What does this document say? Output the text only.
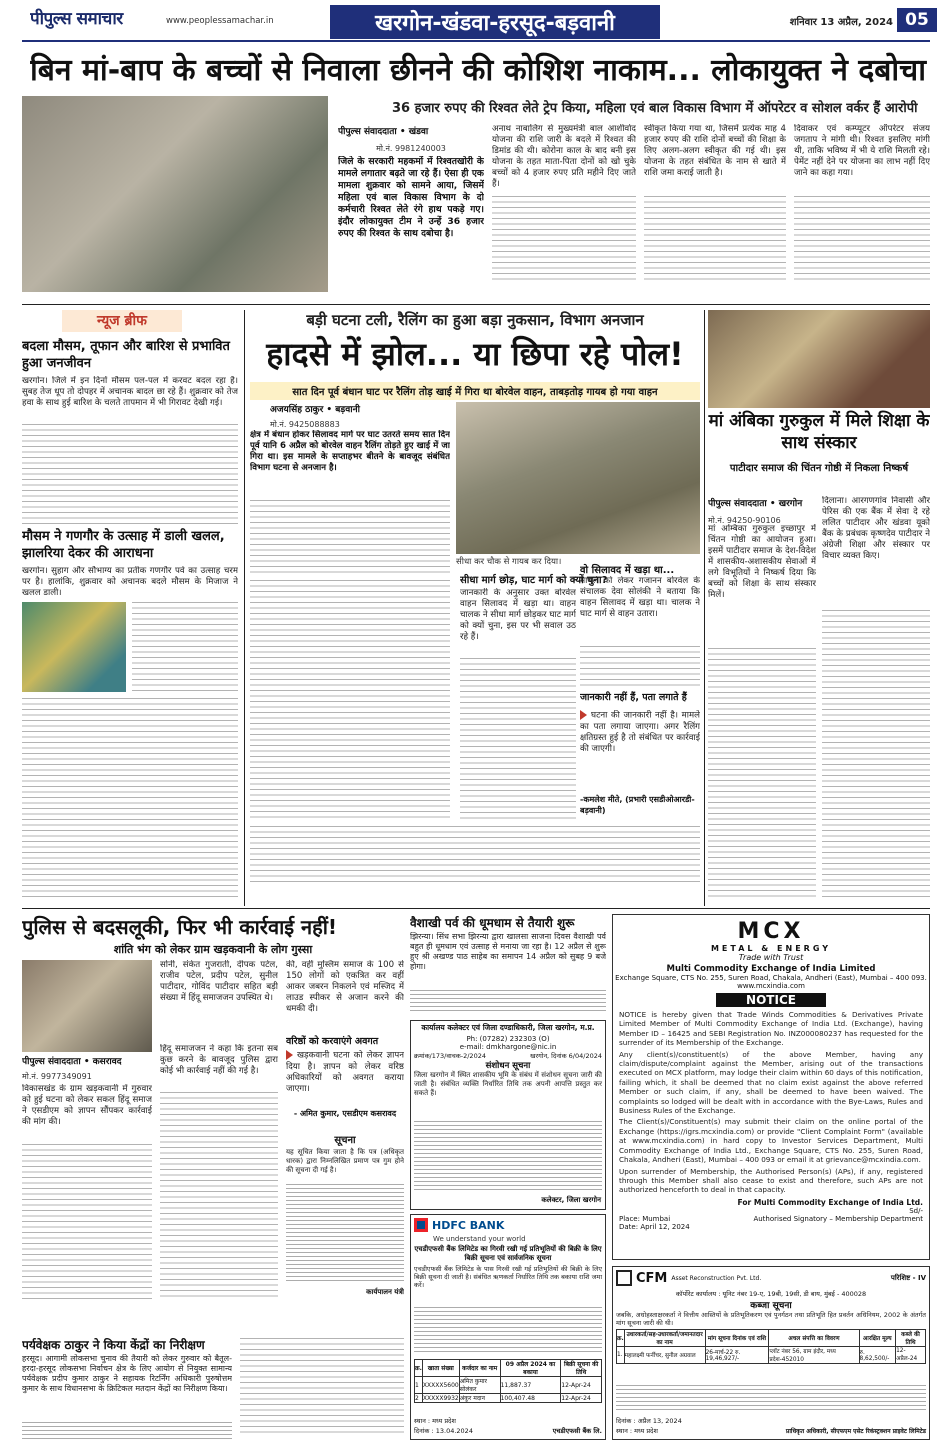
पीपुल्स समाचार	www.peoplessamachar.in	खरगोन-खंडवा-हरसूद-बड़वानी	शनिवार 13 अप्रैल, 2024 05
बिन मां-बाप के बच्चों से निवाला छीनने की कोशिश नाकाम... लोकायुक्त ने दबोचा
36 हजार रुपए की रिश्वत लेते ट्रेप किया, महिला एवं बाल विकास विभाग में ऑपरेटर व सोशल वर्कर हैं आरोपी
पीपुल्स संवाददाता • खंडवा
मो.नं. 9981240003
जिले के सरकारी महकमों में रिश्वतखोरी के मामले लगातार बढ़ते जा रहे हैं। ऐसा ही एक मामला शुक्रवार को सामने आया, जिसमें महिला एवं बाल विकास विभाग के दो कर्मचारी रिश्वत लेते रंगे हाथ पकड़े गए। इंदौर लोकायुक्त टीम ने उन्हें 36 हजार रुपए की रिश्वत के साथ दबोचा है।
अनाथ नाबालिग से मुख्यमंत्री बाल आशीर्वाद योजना की राशि जारी के बदले में रिश्वत की डिमांड की थी। कोरोना काल के बाद बनी इस योजना के तहत माता-पिता दोनों को खो चुके बच्चों को 4 हजार रुपए प्रति महीने दिए जाते हैं।
स्वीकृत किया गया था, जिसमें प्रत्येक माह 4 हजार रुपए की राशि दोनों बच्चों की शिक्षा के लिए अलग-अलग स्वीकृत की गई थी। इस योजना के तहत संबंधित के नाम से खाते में राशि जमा कराई जाती है।
दिवाकर एवं कम्प्यूटर ऑपरेटर संजय जगताप ने मांगी थी। रिश्वत इसलिए मांगी थी, ताकि भविष्य में भी ये राशि मिलती रहे। पेमेंट नहीं देने पर योजना का लाभ नहीं दिए जाने का कहा गया।
न्यूज ब्रीफ
बदला मौसम, तूफान और बारिश से प्रभावित हुआ जनजीवन
खरगोन। जिले में इन दिनों मौसम पल-पल में करवट बदल रहा है। सुबह तेज धूप तो दोपहर में अचानक बादल छा रहे हैं। शुक्रवार को तेज हवा के साथ हुई बारिश के चलते तापमान में भी गिरावट देखी गई।
मौसम ने गणगौर के उत्साह में डाली खलल, झालरिया देकर की आराधना
खरगोन। सुहाग और सौभाग्य का प्रतीक गणगौर पर्व का उत्साह चरम पर है। हालांकि, शुक्रवार को अचानक बदले मौसम के मिजाज ने खलल डाली।
बड़ी घटना टली, रैलिंग का हुआ बड़ा नुकसान, विभाग अनजान
हादसे में झोल... या छिपा रहे पोल!
सात दिन पूर्व बंधान घाट पर रैलिंग तोड़ खाई में गिरा था बोरवेल वाहन, ताबड़तोड़ गायब हो गया वाहन
अजयसिंह ठाकुर • बड़वानी
मो.नं. 9425088883
क्षेत्र में बंधान होकर सिलावद मार्ग पर घाट उतरते समय सात दिन पूर्व यानि 6 अप्रैल को बोरवेल वाहन रैलिंग तोड़ते हुए खाई में जा गिरा था। इस मामले के सप्ताहभर बीतने के बावजूद संबंधित विभाग घटना से अनजान है।
सीधा कर चौक से गायब कर दिया।
सीधा मार्ग छोड़, घाट मार्ग को क्यों चुना?
वो सिलावद में खड़ा था...
जानकारी के अनुसार उक्त बोरवेल वाहन सिलावद में खड़ा था। वाहन चालक ने सीधा मार्ग छोड़कर घाट मार्ग को क्यों चुना, इस पर भी सवाल उठ रहे हैं।
मामले को लेकर गजानन बोरवेल के संचालक देवा सोलंकी ने बताया कि वाहन सिलावद में खड़ा था। चालक ने घाट मार्ग से वाहन उतारा।
जानकारी नहीं हैं, पता लगाते हैं
घटना की जानकारी नहीं है। मामले का पता लगाया जाएगा। अगर रैलिंग क्षतिग्रस्त हुई है तो संबंधित पर कार्रवाई की जाएगी।
-कमलेश मीते, (प्रभारी एसडीओआरडी-बड़वानी)
मां अंबिका गुरुकुल में मिले शिक्षा के साथ संस्कार
पाटीदार समाज की चिंतन गोष्ठी में निकला निष्कर्ष
पीपुल्स संवाददाता • खरगोन
मो.नं. 94250-90106
मां अम्बिका गुरुकुल इच्छापुर में चिंतन गोष्ठी का आयोजन हुआ। इसमें पाटीदार समाज के देश-विदेश में शासकीय-अशासकीय सेवाओं में लगे विभूतियों ने निष्कर्ष दिया कि बच्चों को शिक्षा के साथ संस्कार मिलें।
दिलाना। आरगणगांव निवासी और पेरिस की एक बैंक में सेवा दे रहे ललित पाटीदार और खंडवा यूको बैंक के प्रबंधक कृष्णदेव पाटीदार ने अंग्रेजी शिक्षा और संस्कार पर विचार व्यक्त किए।
पुलिस से बदसलूकी, फिर भी कार्रवाई नहीं!
शांति भंग को लेकर ग्राम खड़कवानी के लोग गुस्सा
पीपुल्स संवाददाता • कसरावद
मो.नं. 9977349091
विकासखंड के ग्राम खड़कवानी में गुरुवार को हुई घटना को लेकर सकल हिंदू समाज ने एसडीएम को ज्ञापन सौंपकर कार्रवाई की मांग की।
सोनी, संकेत गुजराती, दीपक पटेल, राजीव पटेल, प्रदीप पटेल, सुनील पाटीदार, गोविंद पाटीदार सहित बड़ी संख्या में हिंदू समाजजन उपस्थित थे।
हिंदू समाजजन ने कहा कि इतना सब कुछ करने के बावजूद पुलिस द्वारा कोई भी कार्रवाई नहीं की गई है।
की, वहीं मुस्लिम समाज के 100 से 150 लोगों को एकत्रित कर वहीं आकर जबरन निकलने एवं मस्जिद में लाउड स्पीकर से अजान करने की धमकी दी।
वरिष्ठों को करवाएंगे अवगत
खड़कवानी घटना को लेकर ज्ञापन दिया है। ज्ञापन को लेकर वरिष्ठ अधिकारियों को अवगत कराया जाएगा।
- अमित कुमार, एसडीएम कसरावद
सूचना
यह सूचित किया जाता है कि पत्र (अधिकृत धारक) द्वारा निम्नलिखित प्रमाण पत्र गुम होने की सूचना दी गई है।
कार्यपालन यंत्री
पर्यवेक्षक ठाकुर ने किया केंद्रों का निरीक्षण
हरसूद। आगामी लोकसभा चुनाव की तैयारी को लेकर गुरुवार को बैतूल-हरदा-हरसूद लोकसभा निर्वाचन क्षेत्र के लिए आयोग से नियुक्त सामान्य पर्यवेक्षक प्रदीप कुमार ठाकुर ने सहायक रिटर्निंग अधिकारी पुरुषोत्तम कुमार के साथ विधानसभा के क्रिटिकल मतदान केंद्रों का निरीक्षण किया।
वैशाखी पर्व की धूमधाम से तैयारी शुरू
झिरन्या। सिंध सभा झिरन्या द्वारा खालसा साजना दिवस वैशाखी पर्व बहुत ही धूमधाम एवं उत्साह से मनाया जा रहा है। 12 अप्रैल से शुरू हुए श्री अखण्ड पाठ साहेब का समापन 14 अप्रैल को सुबह 9 बजे होगा।
कार्यालय कलेक्टर एवं जिला दण्डाधिकारी, जिला खरगोन, म.प्र.
Ph: (07282) 232303 (O)
e-mail: dmkhargone@nic.in
क्रमांक/173/वाचक-2/2024	खरगोन, दिनांक 6/04/2024
संशोधन सूचना
जिला खरगोन में स्थित शासकीय भूमि के संबंध में संशोधन सूचना जारी की जाती है। संबंधित व्यक्ति निर्धारित तिथि तक अपनी आपत्ति प्रस्तुत कर सकते हैं।
कलेक्टर, जिला खरगोन
HDFC BANK
We understand your world
एचडीएफसी बैंक लिमिटेड का गिरवी रखी गई प्रतिभूतियों की बिक्री के लिए बिक्री सूचना एवं सार्वजनिक सूचना
एचडीएफसी बैंक लिमिटेड के पास गिरवी रखी गई प्रतिभूतियों की बिक्री के लिए बिक्री सूचना दी जाती है। संबंधित ऋणकर्ता निर्धारित तिथि तक बकाया राशि जमा करें।
क्र.	खाता संख्या	कर्जदार का नाम	09 अप्रैल 2024 का बकाया	बिक्री सूचना की तिथि
1	XXXXX5600	अमित कुमार सोलंकर	11,887.37	12-Apr-24
2	XXXXX9932	अंकुर मदान	100,407.48	12-Apr-24
स्थान : मध्य प्रदेश
दिनांक : 13.04.2024	एचडीएफसी बैंक लि.
MCX
METAL & ENERGY
Trade with Trust
Multi Commodity Exchange of India Limited
Exchange Square, CTS No. 255, Suren Road, Chakala, Andheri (East), Mumbai – 400 093.
www.mcxindia.com
NOTICE
NOTICE is hereby given that Trade Winds Commodities & Derivatives Private Limited Member of Multi Commodity Exchange of India Ltd. (Exchange), having Member ID – 16425 and SEBI Registration No. INZ000080237 has requested for the surrender of its Membership of the Exchange.
Any client(s)/constituent(s) of the above Member, having any claim/dispute/complaint against the Member, arising out of the transactions executed on MCX platform, may lodge their claim within 60 days of this notification, failing which, it shall be deemed that no claim exist against the above referred Member or such claim, if any, shall be deemed to have been waived. The complaints so lodged will be dealt with in accordance with the Bye-Laws, Rules and Business Rules of the Exchange.
The Client(s)/Constituent(s) may submit their claim on the online portal of the Exchange (https://igrs.mcxindia.com) or provide "Client Complaint Form" (available at www.mcxindia.com) in hard copy to Investor Services Department, Multi Commodity Exchange of India Ltd., Exchange Square, CTS No. 255, Suren Road, Chakala, Andheri (East), Mumbai – 400 093 or email it at grievance@mcxindia.com.
Upon surrender of Membership, the Authorised Person(s) (APs), if any, registered through this Member shall also cease to exist and therefore, such APs are not authorized henceforth to deal in that capacity.
For Multi Commodity Exchange of India Ltd.
Sd/-
Place: Mumbai	Authorised Signatory – Membership Department
Date: April 12, 2024
CFM Asset Reconstruction Pvt. Ltd.	परिशिष्ट - IV
कॉर्पोरेट कार्यालय : यूनिट नंबर 19-ए, 19बी, 19सी, डी बाय, मुंबई - 400028
कब्जा सूचना
जबकि, अधोहस्ताक्षरकर्ता ने वित्तीय आस्तियों के प्रतिभूतिकरण एवं पुनर्गठन तथा प्रतिभूति हित प्रवर्तन अधिनियम, 2002 के अंतर्गत मांग सूचना जारी की थी।
क्र.	उधारकर्ता/सह-उधारकर्ता/जमानतदार का नाम	मांग सूचना दिनांक एवं राशि	अचल संपत्ति का विवरण	आरक्षित मूल्य	कब्जे की तिथि
1.	महालक्ष्मी फर्नीचर, सुनील अग्रवाल	26-मार्च-22 रु. 19,46,927/-	प्लॉट नंबर 56, ग्राम इंदौर, मध्य प्रदेश-452010	रु. 8,62,500/-	12-अप्रैल-24
दिनांक : अप्रैल 13, 2024
स्थान : मध्य प्रदेश	प्राधिकृत अधिकारी, सीएफएम एसेट रिकंस्ट्रक्शन प्राइवेट लिमिटेड
